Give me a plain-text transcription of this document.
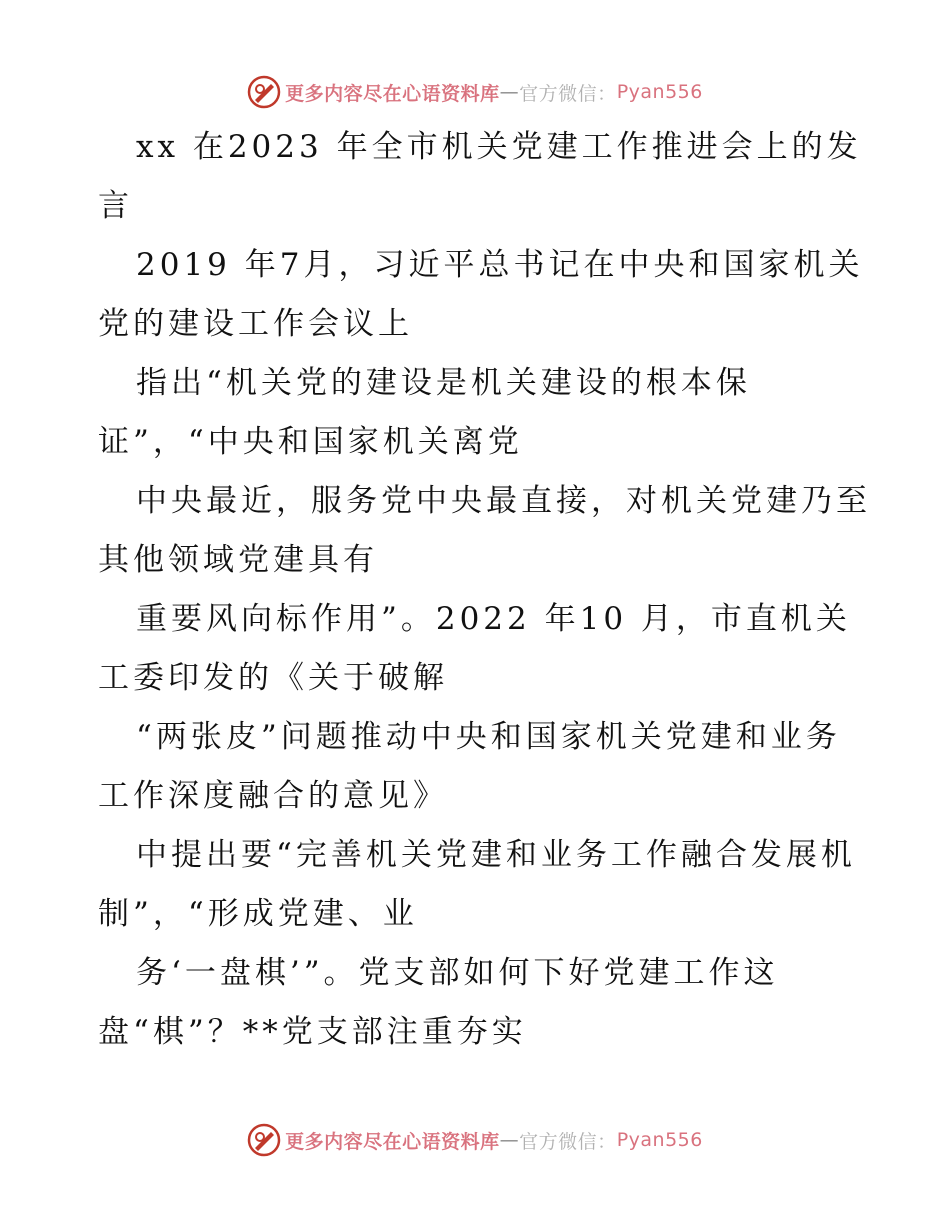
更多内容尽在心语资料库 — 官方微信： Pyan556
xx 在2023 年全市机关党建工作推进会上的发
言
2019 年7月，习近平总书记在中央和国家机关
党的建设工作会议上
指出“机关党的建设是机关建设的根本保
证”，“中央和国家机关离党
中央最近，服务党中央最直接，对机关党建乃至
其他领域党建具有
重要风向标作用”。2022 年10 月，市直机关
工委印发的《关于破解
“两张皮”问题推动中央和国家机关党建和业务
工作深度融合的意见》
中提出要“完善机关党建和业务工作融合发展机
制”，“形成党建、业
务‘一盘棋’”。党支部如何下好党建工作这
盘“棋”？**党支部注重夯实
更多内容尽在心语资料库 — 官方微信： Pyan556
